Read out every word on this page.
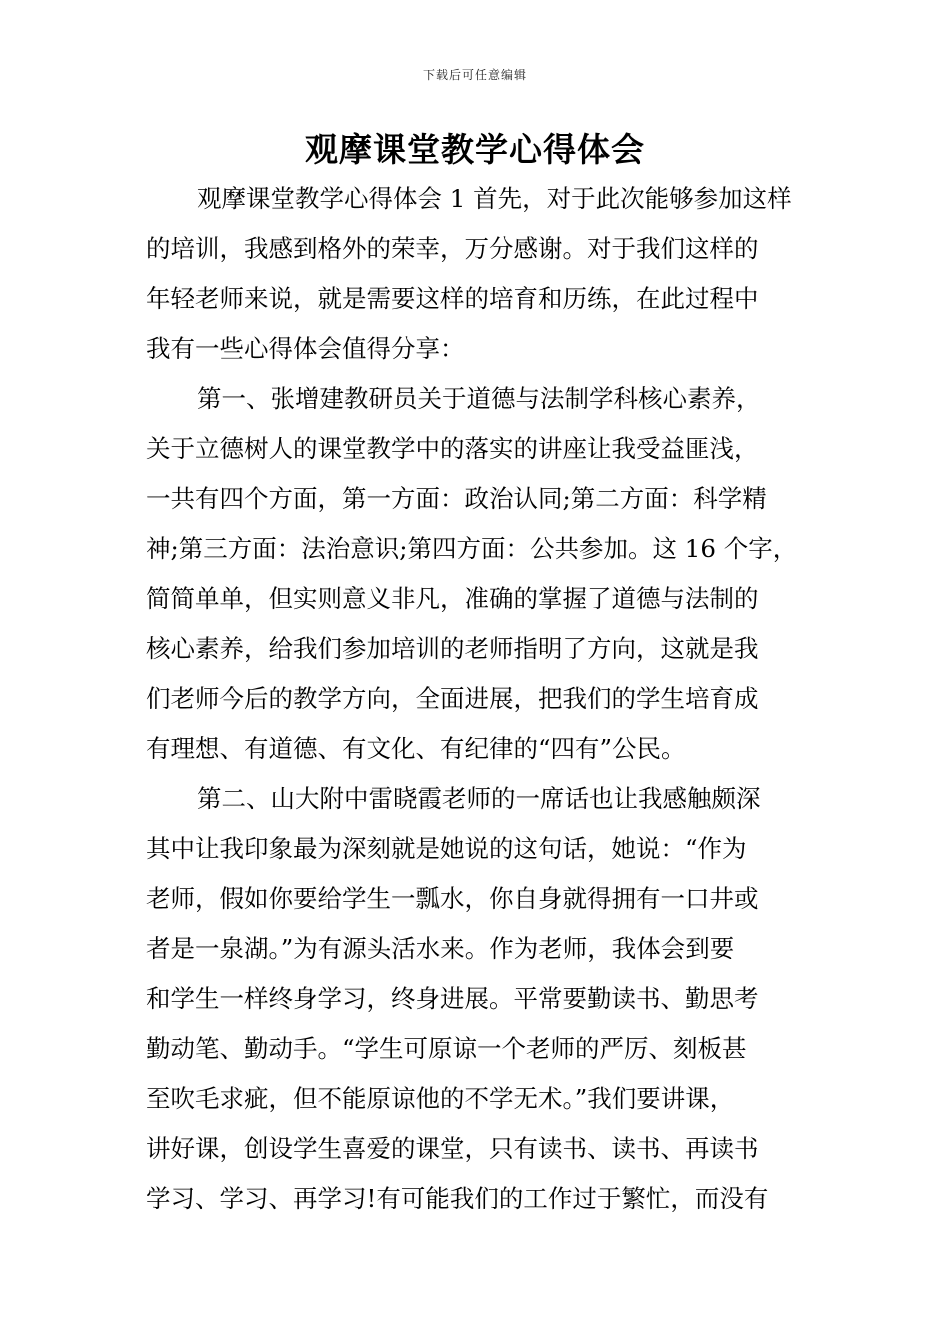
下载后可任意编辑
观摩课堂教学心得体会
观摩课堂教学心得体会 1 首先，对于此次能够参加这样
的培训，我感到格外的荣幸，万分感谢。对于我们这样的
年轻老师来说，就是需要这样的培育和历练，在此过程中
我有一些心得体会值得分享：
第一、张增建教研员关于道德与法制学科核心素养，
关于立德树人的课堂教学中的落实的讲座让我受益匪浅，
一共有四个方面，第一方面：政治认同;第二方面：科学精
神;第三方面：法治意识;第四方面：公共参加。这 16 个字，
简简单单，但实则意义非凡，准确的掌握了道德与法制的
核心素养，给我们参加培训的老师指明了方向，这就是我
们老师今后的教学方向，全面进展，把我们的学生培育成
有理想、有道德、有文化、有纪律的“四有”公民。
第二、山大附中雷晓霞老师的一席话也让我感触颇深
其中让我印象最为深刻就是她说的这句话，她说：“作为
老师，假如你要给学生一瓢水，你自身就得拥有一口井或
者是一泉湖。”为有源头活水来。作为老师，我体会到要
和学生一样终身学习，终身进展。平常要勤读书、勤思考
勤动笔、勤动手。“学生可原谅一个老师的严厉、刻板甚
至吹毛求疵，但不能原谅他的不学无术。”我们要讲课，
讲好课，创设学生喜爱的课堂，只有读书、读书、再读书
学习、学习、再学习!有可能我们的工作过于繁忙，而没有
